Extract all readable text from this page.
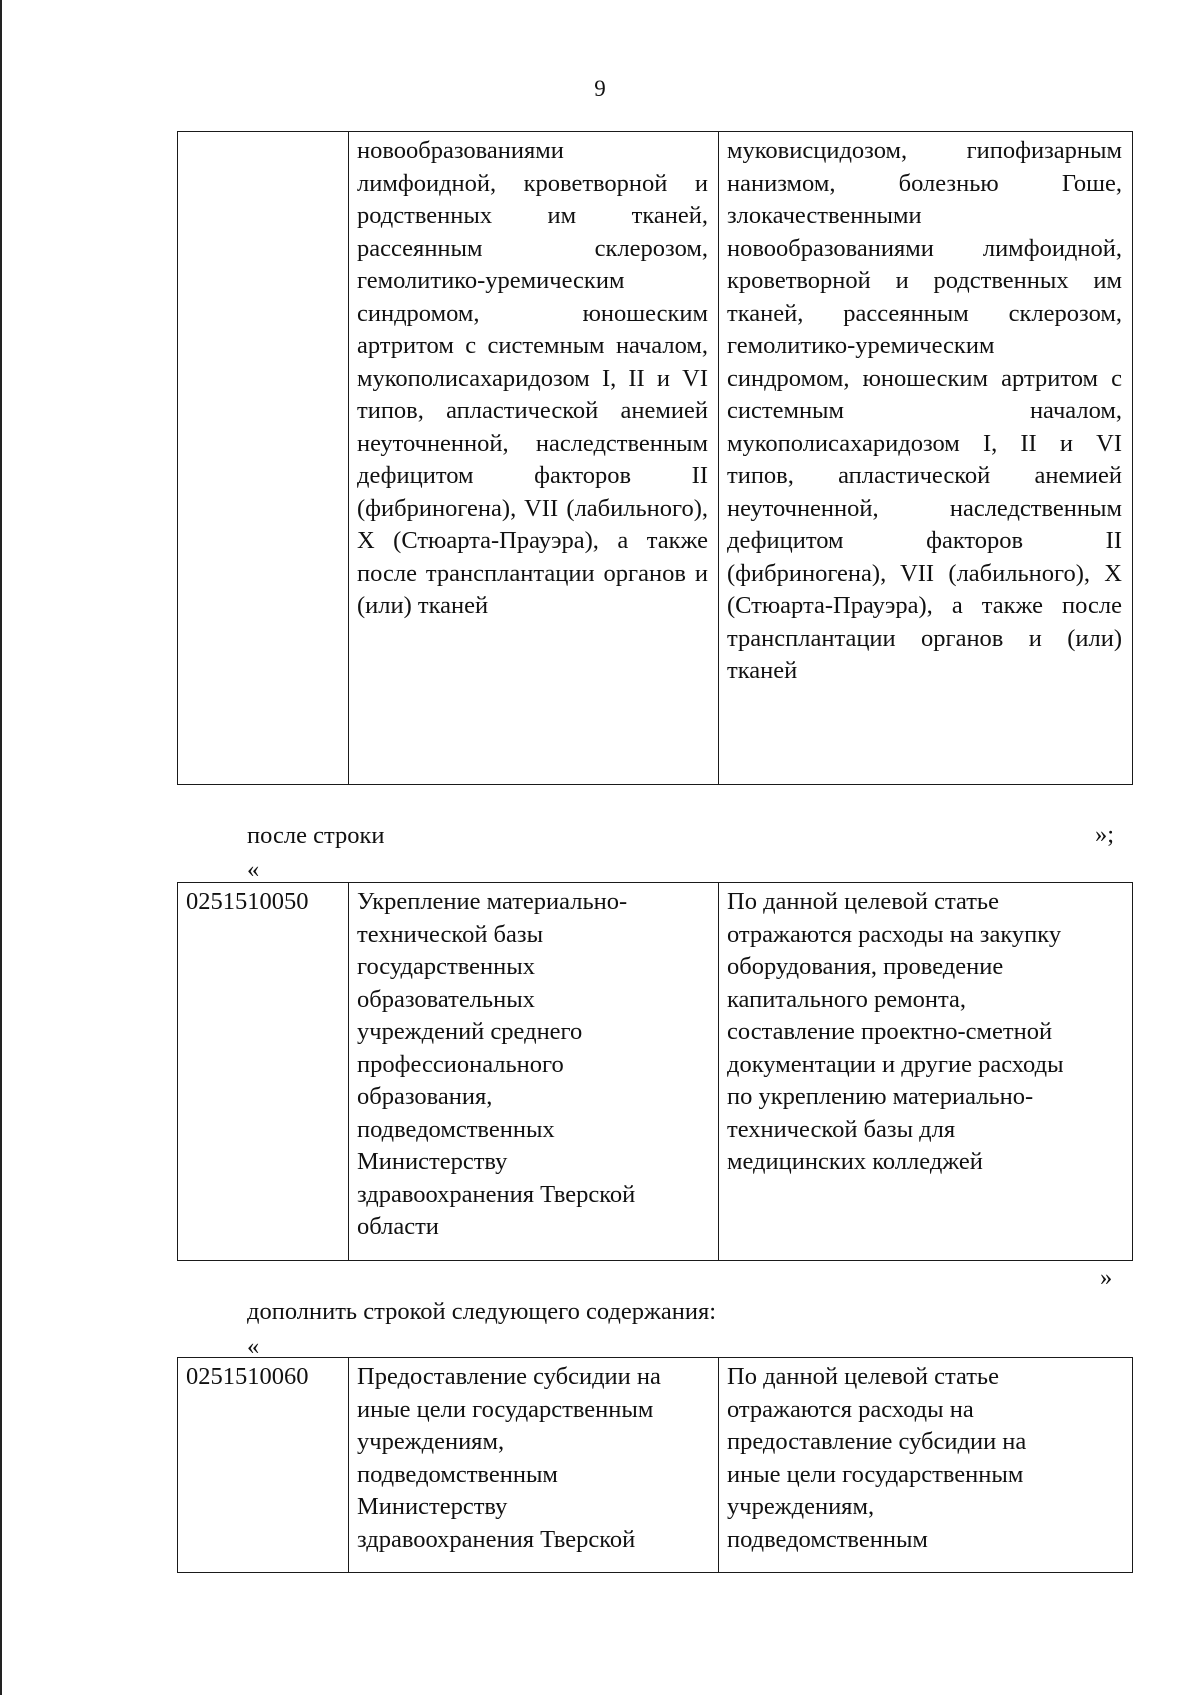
9
	новообразованиями лимфоидной, кроветворной и родственных им тканей, рассеянным склерозом, гемолитико-уремическим синдромом, юношеским артритом с системным началом, мукополисахаридозом I, II и VI типов, апластической анемией неуточненной, наследственным дефицитом факторов II (фибриногена), VII (лабильного), X (Стюарта-Прауэра), а также после трансплантации органов и (или) тканей	муковисцидозом, гипофизарным нанизмом, болезнью Гоше, злокачественными новообразованиями лимфоидной, кроветворной и родственных им тканей, рассеянным склерозом, гемолитико-уремическим синдромом, юношеским артритом с системным началом, мукополисахаридозом I, II и VI типов, апластической анемией неуточненной, наследственным дефицитом факторов II (фибриногена), VII (лабильного), X (Стюарта-Прауэра), а также после трансплантации органов и (или) тканей
»;
после строки
«
0251510050	Укрепление материально-
технической базы
государственных
образовательных
учреждений среднего
профессионального
образования,
подведомственных
Министерству
здравоохранения Тверской
области	По данной целевой статье
отражаются расходы на закупку
оборудования, проведение
капитального ремонта,
составление проектно-сметной
документации и другие расходы
по укреплению материально-
технической базы для
медицинских колледжей
»
дополнить строкой следующего содержания:
«
0251510060	Предоставление субсидии на
иные цели государственным
учреждениям,
подведомственным
Министерству
здравоохранения Тверской	По данной целевой статье
отражаются расходы на
предоставление субсидии на
иные цели государственным
учреждениям,
подведомственным
